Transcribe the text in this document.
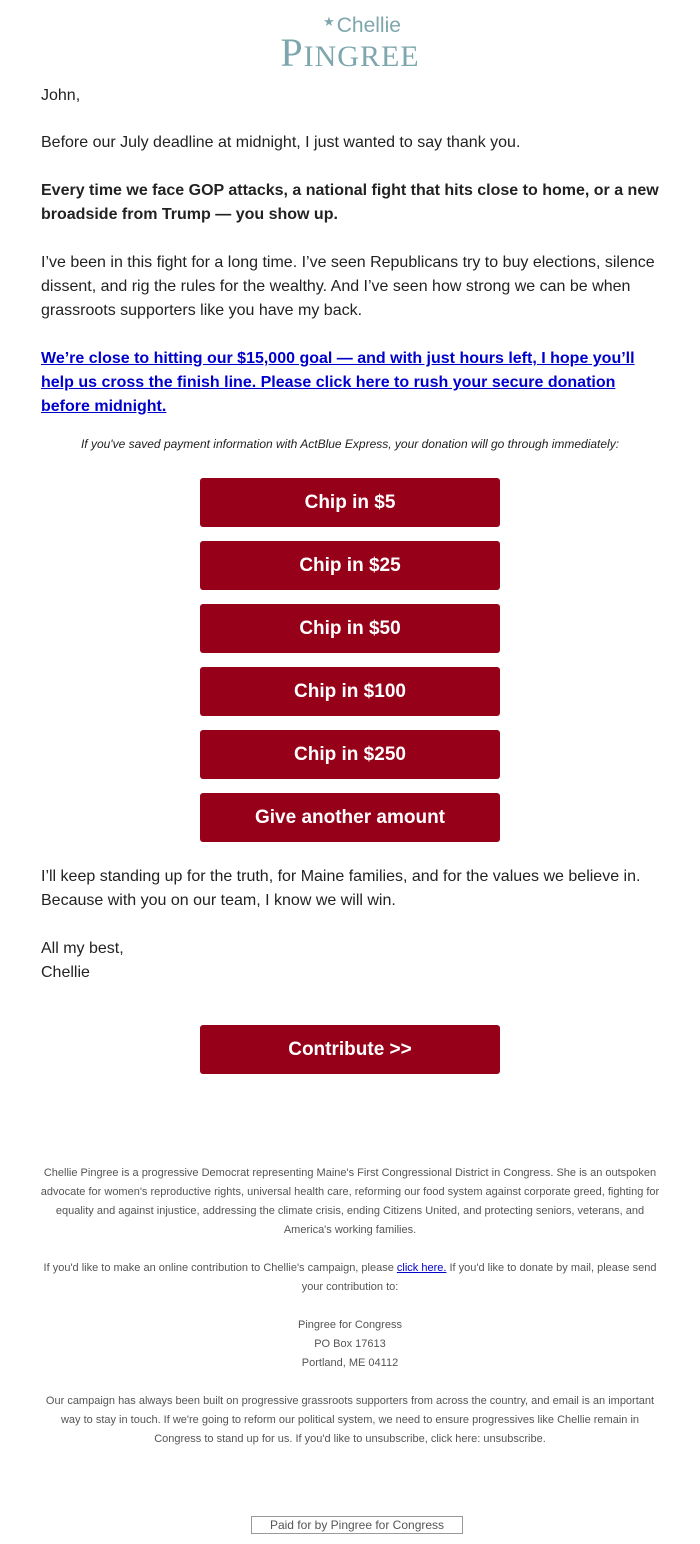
★Chellie
PINGREE

John,

Before our July deadline at midnight, I just wanted to say thank you.

Every time we face GOP attacks, a national fight that hits close to home, or a new broadside from Trump — you show up.

I’ve been in this fight for a long time. I’ve seen Republicans try to buy elections, silence dissent, and rig the rules for the wealthy. And I’ve seen how strong we can be when grassroots supporters like you have my back.

We’re close to hitting our $15,000 goal — and with just hours left, I hope you’ll help us cross the finish line. Please click here to rush your secure donation before midnight.

If you've saved payment information with ActBlue Express, your donation will go through immediately:
Chip in $5
Chip in $25
Chip in $50
Chip in $100
Chip in $250
Give another amount

I’ll keep standing up for the truth, for Maine families, and for the values we believe in. Because with you on our team, I know we will win.

All my best,

Chellie

Contribute >>
Chellie Pingree is a progressive Democrat representing Maine's First Congressional District in Congress. She is an outspoken advocate for women's reproductive rights, universal health care, reforming our food system against corporate greed, fighting for equality and against injustice, addressing the climate crisis, ending Citizens United, and protecting seniors, veterans, and America's working families.
If you'd like to make an online contribution to Chellie's campaign, please click here. If you'd like to donate by mail, please send your contribution to:
Pingree for Congress
PO Box 17613
Portland, ME 04112
Our campaign has always been built on progressive grassroots supporters from across the country, and email is an important way to stay in touch. If we're going to reform our political system, we need to ensure progressives like Chellie remain in Congress to stand up for us. If you'd like to unsubscribe, click here: unsubscribe.
Paid for by Pingree for Congress
